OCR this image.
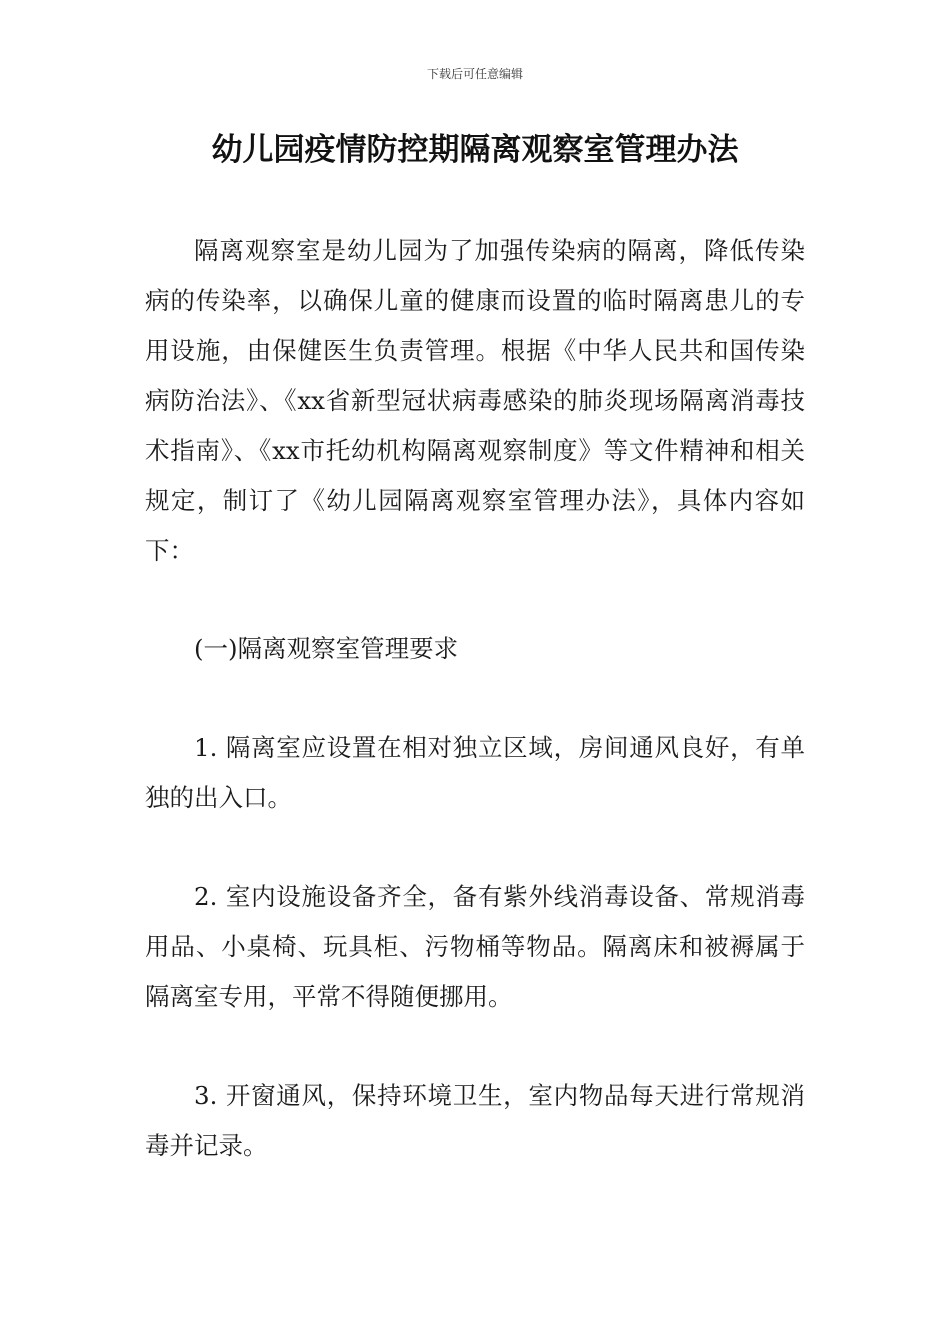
下载后可任意编辑
幼儿园疫情防控期隔离观察室管理办法

隔离观察室是幼儿园为了加强传染病的隔离，降低传染病的传染率，以确保儿童的健康而设置的临时隔离患儿的专用设施，由保健医生负责管理。根据《中华人民共和国传染病防治法》、《xx省新型冠状病毒感染的肺炎现场隔离消毒技术指南》、《xx市托幼机构隔离观察制度》等文件精神和相关规定，制订了《幼儿园隔离观察室管理办法》，具体内容如下：

(一)隔离观察室管理要求

1. 隔离室应设置在相对独立区域，房间通风良好，有单独的出入口。

2. 室内设施设备齐全，备有紫外线消毒设备、常规消毒用品、小桌椅、玩具柜、污物桶等物品。隔离床和被褥属于隔离室专用，平常不得随便挪用。

3. 开窗通风，保持环境卫生，室内物品每天进行常规消毒并记录。
